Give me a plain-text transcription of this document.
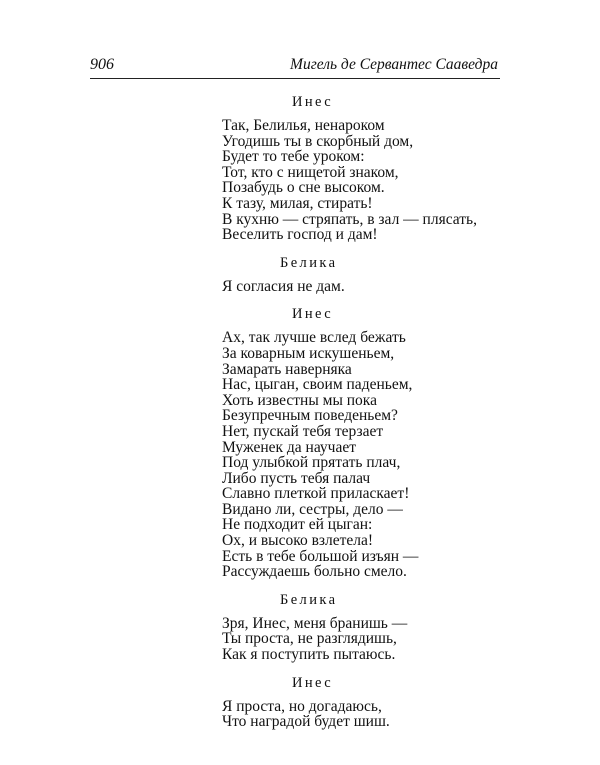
906	Мигель де Сервантес Сааведра
Инес
Так, Белилья, ненароком
Угодишь ты в скорбный дом,
Будет то тебе уроком:
Тот, кто с нищетой знаком,
Позабудь о сне высоком.
К тазу, милая, стирать!
В кухню — стряпать, в зал — плясать,
Веселить господ и дам!
Белика
Я согласия не дам.
Инес
Ах, так лучше вслед бежать
За коварным искушеньем,
Замарать наверняка
Нас, цыган, своим паденьем,
Хоть известны мы пока
Безупречным поведеньем?
Нет, пускай тебя терзает
Муженек да научает
Под улыбкой прятать плач,
Либо пусть тебя палач
Славно плеткой приласкает!
Видано ли, сестры, дело —
Не подходит ей цыган:
Ох, и высоко взлетела!
Есть в тебе большой изъян —
Рассуждаешь больно смело.
Белика
Зря, Инес, меня бранишь —
Ты проста, не разглядишь,
Как я поступить пытаюсь.
Инес
Я проста, но догадаюсь,
Что наградой будет шиш.
